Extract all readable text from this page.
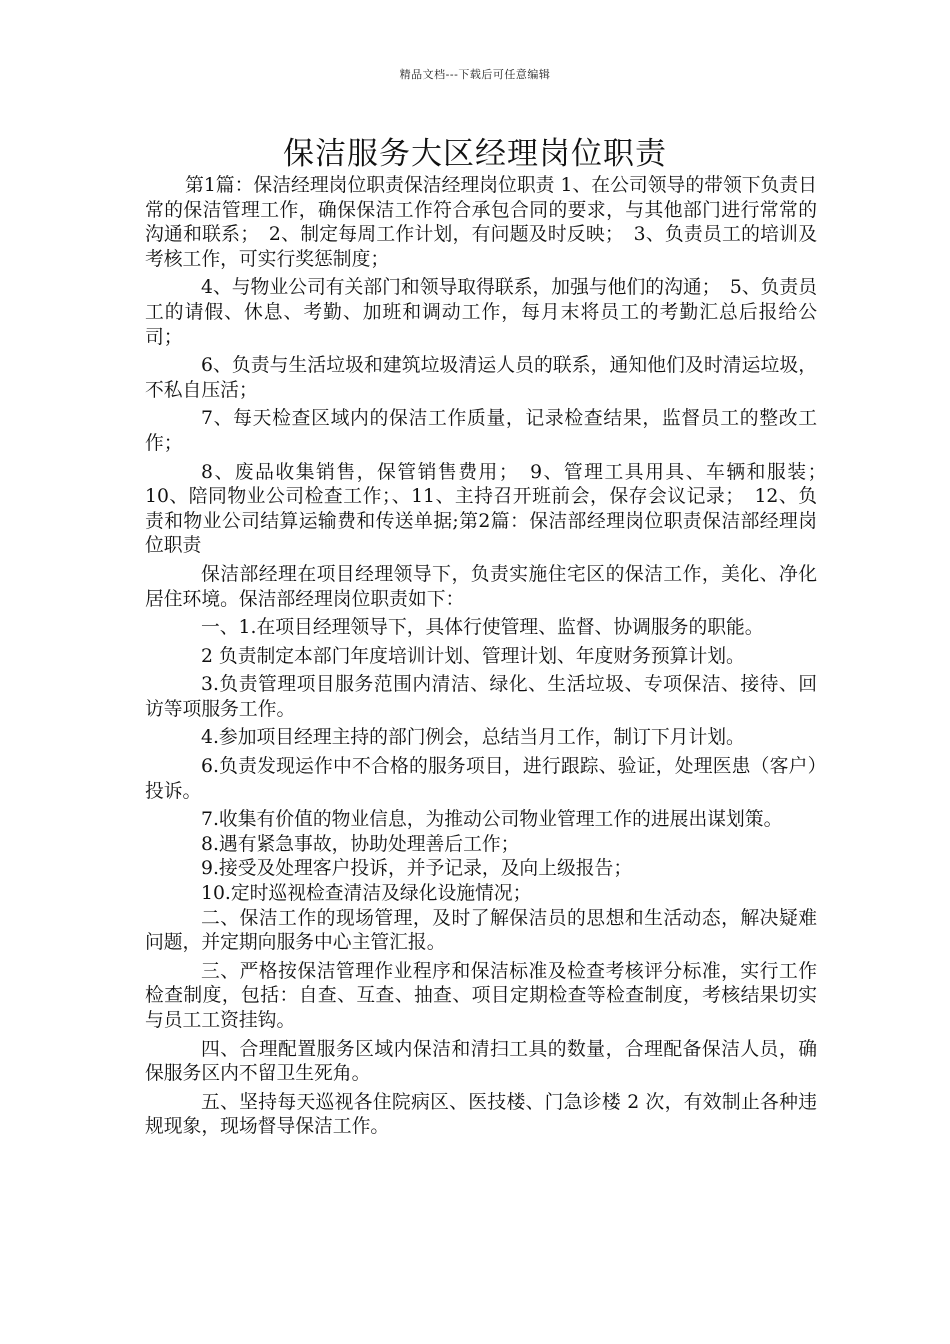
精品文档---下载后可任意编辑
保洁服务大区经理岗位职责

第1篇：保洁经理岗位职责保洁经理岗位职责 1、在公司领导的带领下负责日常的保洁管理工作，确保保洁工作符合承包合同的要求，与其他部门进行常常的沟通和联系；　2、制定每周工作计划，有问题及时反映；　3、负责员工的培训及考核工作，可实行奖惩制度；

4、与物业公司有关部门和领导取得联系，加强与他们的沟通；　5、负责员工的请假、休息、考勤、加班和调动工作，每月末将员工的考勤汇总后报给公司；

6、负责与生活垃圾和建筑垃圾清运人员的联系，通知他们及时清运垃圾，不私自压活；

7、每天检查区域内的保洁工作质量，记录检查结果，监督员工的整改工作；

8、废品收集销售，保管销售费用；　9、管理工具用具、车辆和服装；　10、陪同物业公司检查工作；、11、主持召开班前会，保存会议记录；　12、负责和物业公司结算运输费和传送单据;第2篇：保洁部经理岗位职责保洁部经理岗位职责

保洁部经理在项目经理领导下，负责实施住宅区的保洁工作，美化、净化居住环境。保洁部经理岗位职责如下：

一、1.在项目经理领导下，具体行使管理、监督、协调服务的职能。

2 负责制定本部门年度培训计划、管理计划、年度财务预算计划。

3.负责管理项目服务范围内清洁、绿化、生活垃圾、专项保洁、接待、回访等项服务工作。

4.参加项目经理主持的部门例会，总结当月工作，制订下月计划。

6.负责发现运作中不合格的服务项目，进行跟踪、验证，处理医患（客户）投诉。

7.收集有价值的物业信息，为推动公司物业管理工作的进展出谋划策。

8.遇有紧急事故，协助处理善后工作；

9.接受及处理客户投诉，并予记录，及向上级报告；

10.定时巡视检查清洁及绿化设施情况；

二、保洁工作的现场管理，及时了解保洁员的思想和生活动态，解决疑难问题，并定期向服务中心主管汇报。

三、严格按保洁管理作业程序和保洁标准及检查考核评分标准，实行工作检查制度，包括：自查、互查、抽查、项目定期检查等检查制度，考核结果切实与员工工资挂钩。

四、合理配置服务区域内保洁和清扫工具的数量，合理配备保洁人员，确保服务区内不留卫生死角。

五、坚持每天巡视各住院病区、医技楼、门急诊楼 2 次，有效制止各种违规现象，现场督导保洁工作。
